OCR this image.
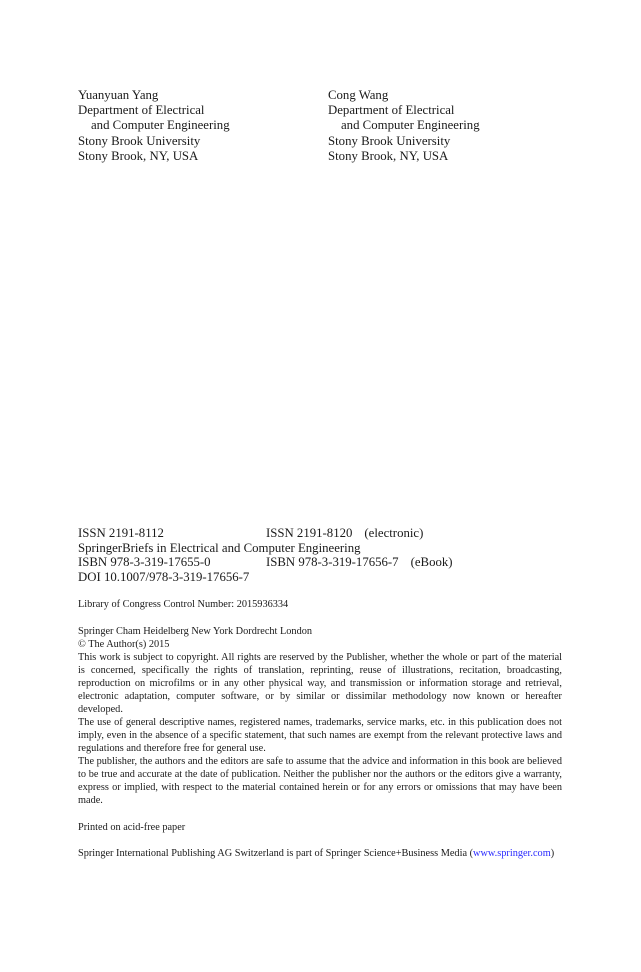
Yuanyuan Yang
Department of Electrical
and Computer Engineering
Stony Brook University
Stony Brook, NY, USA
Cong Wang
Department of Electrical
and Computer Engineering
Stony Brook University
Stony Brook, NY, USA
ISSN 2191-8112	ISSN 2191-8120 (electronic)
SpringerBriefs in Electrical and Computer Engineering
ISBN 978-3-319-17655-0	ISBN 978-3-319-17656-7 (eBook)
DOI 10.1007/978-3-319-17656-7

Library of Congress Control Number: 2015936334

Springer Cham Heidelberg New York Dordrecht London

© The Author(s) 2015

This work is subject to copyright. All rights are reserved by the Publisher, whether the whole or part of the material is concerned, specifically the rights of translation, reprinting, reuse of illustrations, recitation, broadcasting, reproduction on microfilms or in any other physical way, and transmission or information storage and retrieval, electronic adaptation, computer software, or by similar or dissimilar methodology now known or hereafter developed.

The use of general descriptive names, registered names, trademarks, service marks, etc. in this publication does not imply, even in the absence of a specific statement, that such names are exempt from the relevant protective laws and regulations and therefore free for general use.

The publisher, the authors and the editors are safe to assume that the advice and information in this book are believed to be true and accurate at the date of publication. Neither the publisher nor the authors or the editors give a warranty, express or implied, with respect to the material contained herein or for any errors or omissions that may have been made.

Printed on acid-free paper

Springer International Publishing AG Switzerland is part of Springer Science+Business Media (www.springer.com)
